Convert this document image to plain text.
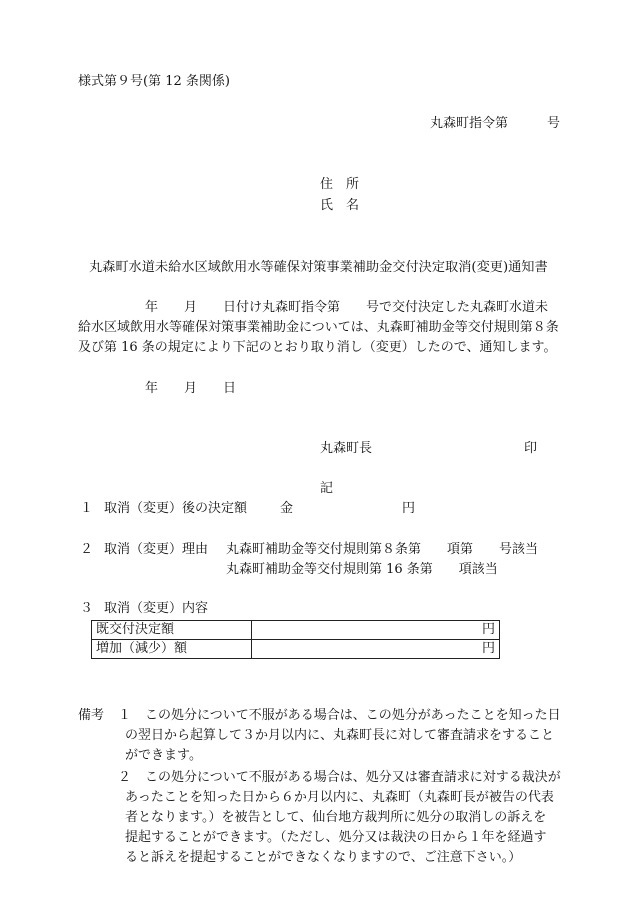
様式第９号(第 12 条関係)
丸森町指令第　　　号
住　所
氏　名
丸森町水道未給水区域飲用水等確保対策事業補助金交付決定取消(変更)通知書
年　　月　　日付け丸森町指令第　　号で交付決定した丸森町水道未
給水区域飲用水等確保対策事業補助金については、丸森町補助金等交付規則第８条
及び第 16 条の規定により下記のとおり取り消し（変更）したので、通知します。
年　　月　　日
丸森町長	印
記
１ 取消（変更）後の決定額	金	円
２ 取消（変更）理由 丸森町補助金等交付規則第８条第　　項第　　号該当
丸森町補助金等交付規則第 16 条第　　項該当
３ 取消（変更）内容
既交付決定額	円
増加（減少）額	円
備考 １	この処分について不服がある場合は、この処分があったことを知った日
の翌日から起算して３か月以内に、丸森町長に対して審査請求をすること
ができます。
２	この処分について不服がある場合は、処分又は審査請求に対する裁決が
あったことを知った日から６か月以内に、丸森町（丸森町長が被告の代表
者となります。）を被告として、仙台地方裁判所に処分の取消しの訴えを
提起することができます。（ただし、処分又は裁決の日から１年を経過す
ると訴えを提起することができなくなりますので、ご注意下さい。）
